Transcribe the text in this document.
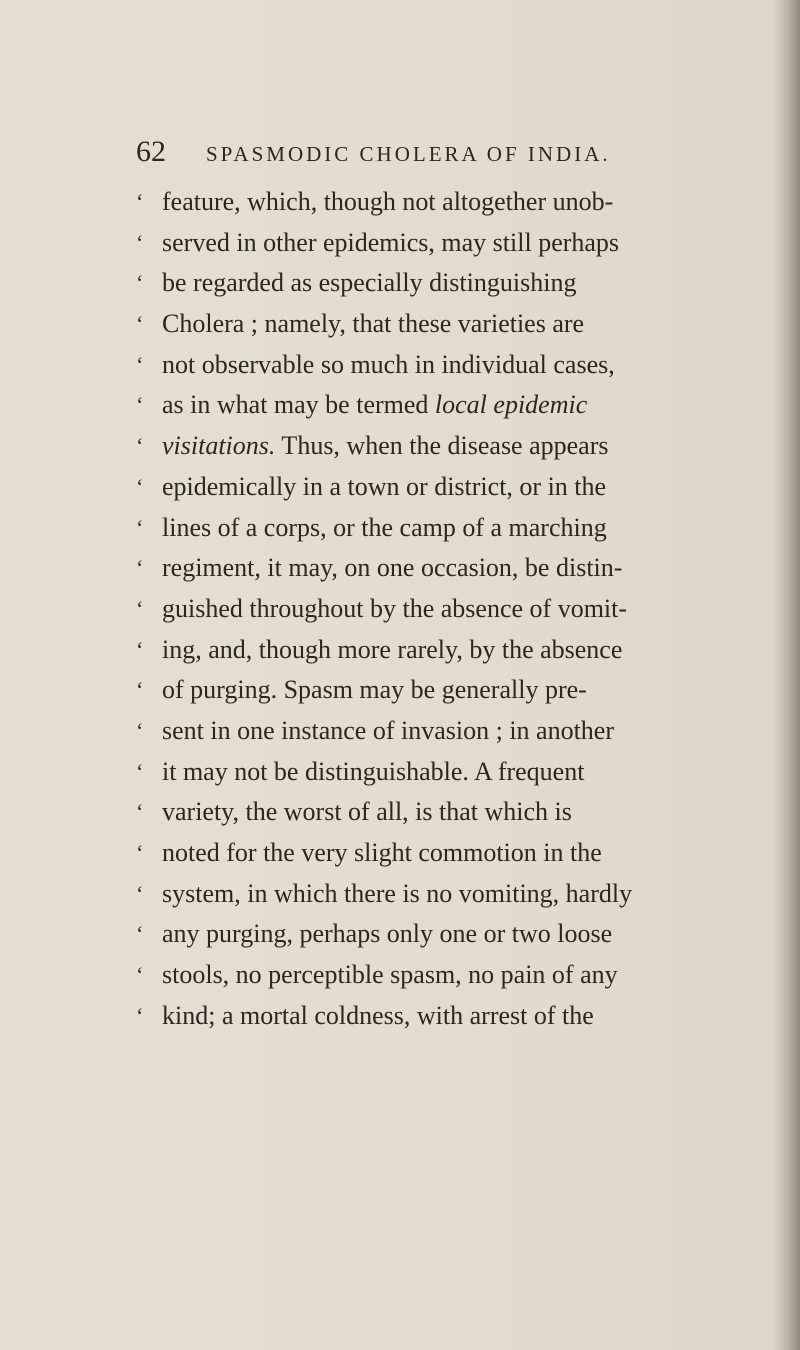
62 SPASMODIC CHOLERA OF INDIA.
‘ feature, which, though not altogether unob-
‘ served in other epidemics, may still perhaps
‘ be regarded as especially distinguishing
‘ Cholera ; namely, that these varieties are
‘ not observable so much in individual cases,
‘ as in what may be termed local epidemic
‘ visitations. Thus, when the disease appears
‘ epidemically in a town or district, or in the
‘ lines of a corps, or the camp of a marching
‘ regiment, it may, on one occasion, be distin-
‘ guished throughout by the absence of vomit-
‘ ing, and, though more rarely, by the absence
‘ of purging. Spasm may be generally pre-
‘ sent in one instance of invasion ; in another
‘ it may not be distinguishable. A frequent
‘ variety, the worst of all, is that which is
‘ noted for the very slight commotion in the
‘ system, in which there is no vomiting, hardly
‘ any purging, perhaps only one or two loose
‘ stools, no perceptible spasm, no pain of any
‘ kind; a mortal coldness, with arrest of the
